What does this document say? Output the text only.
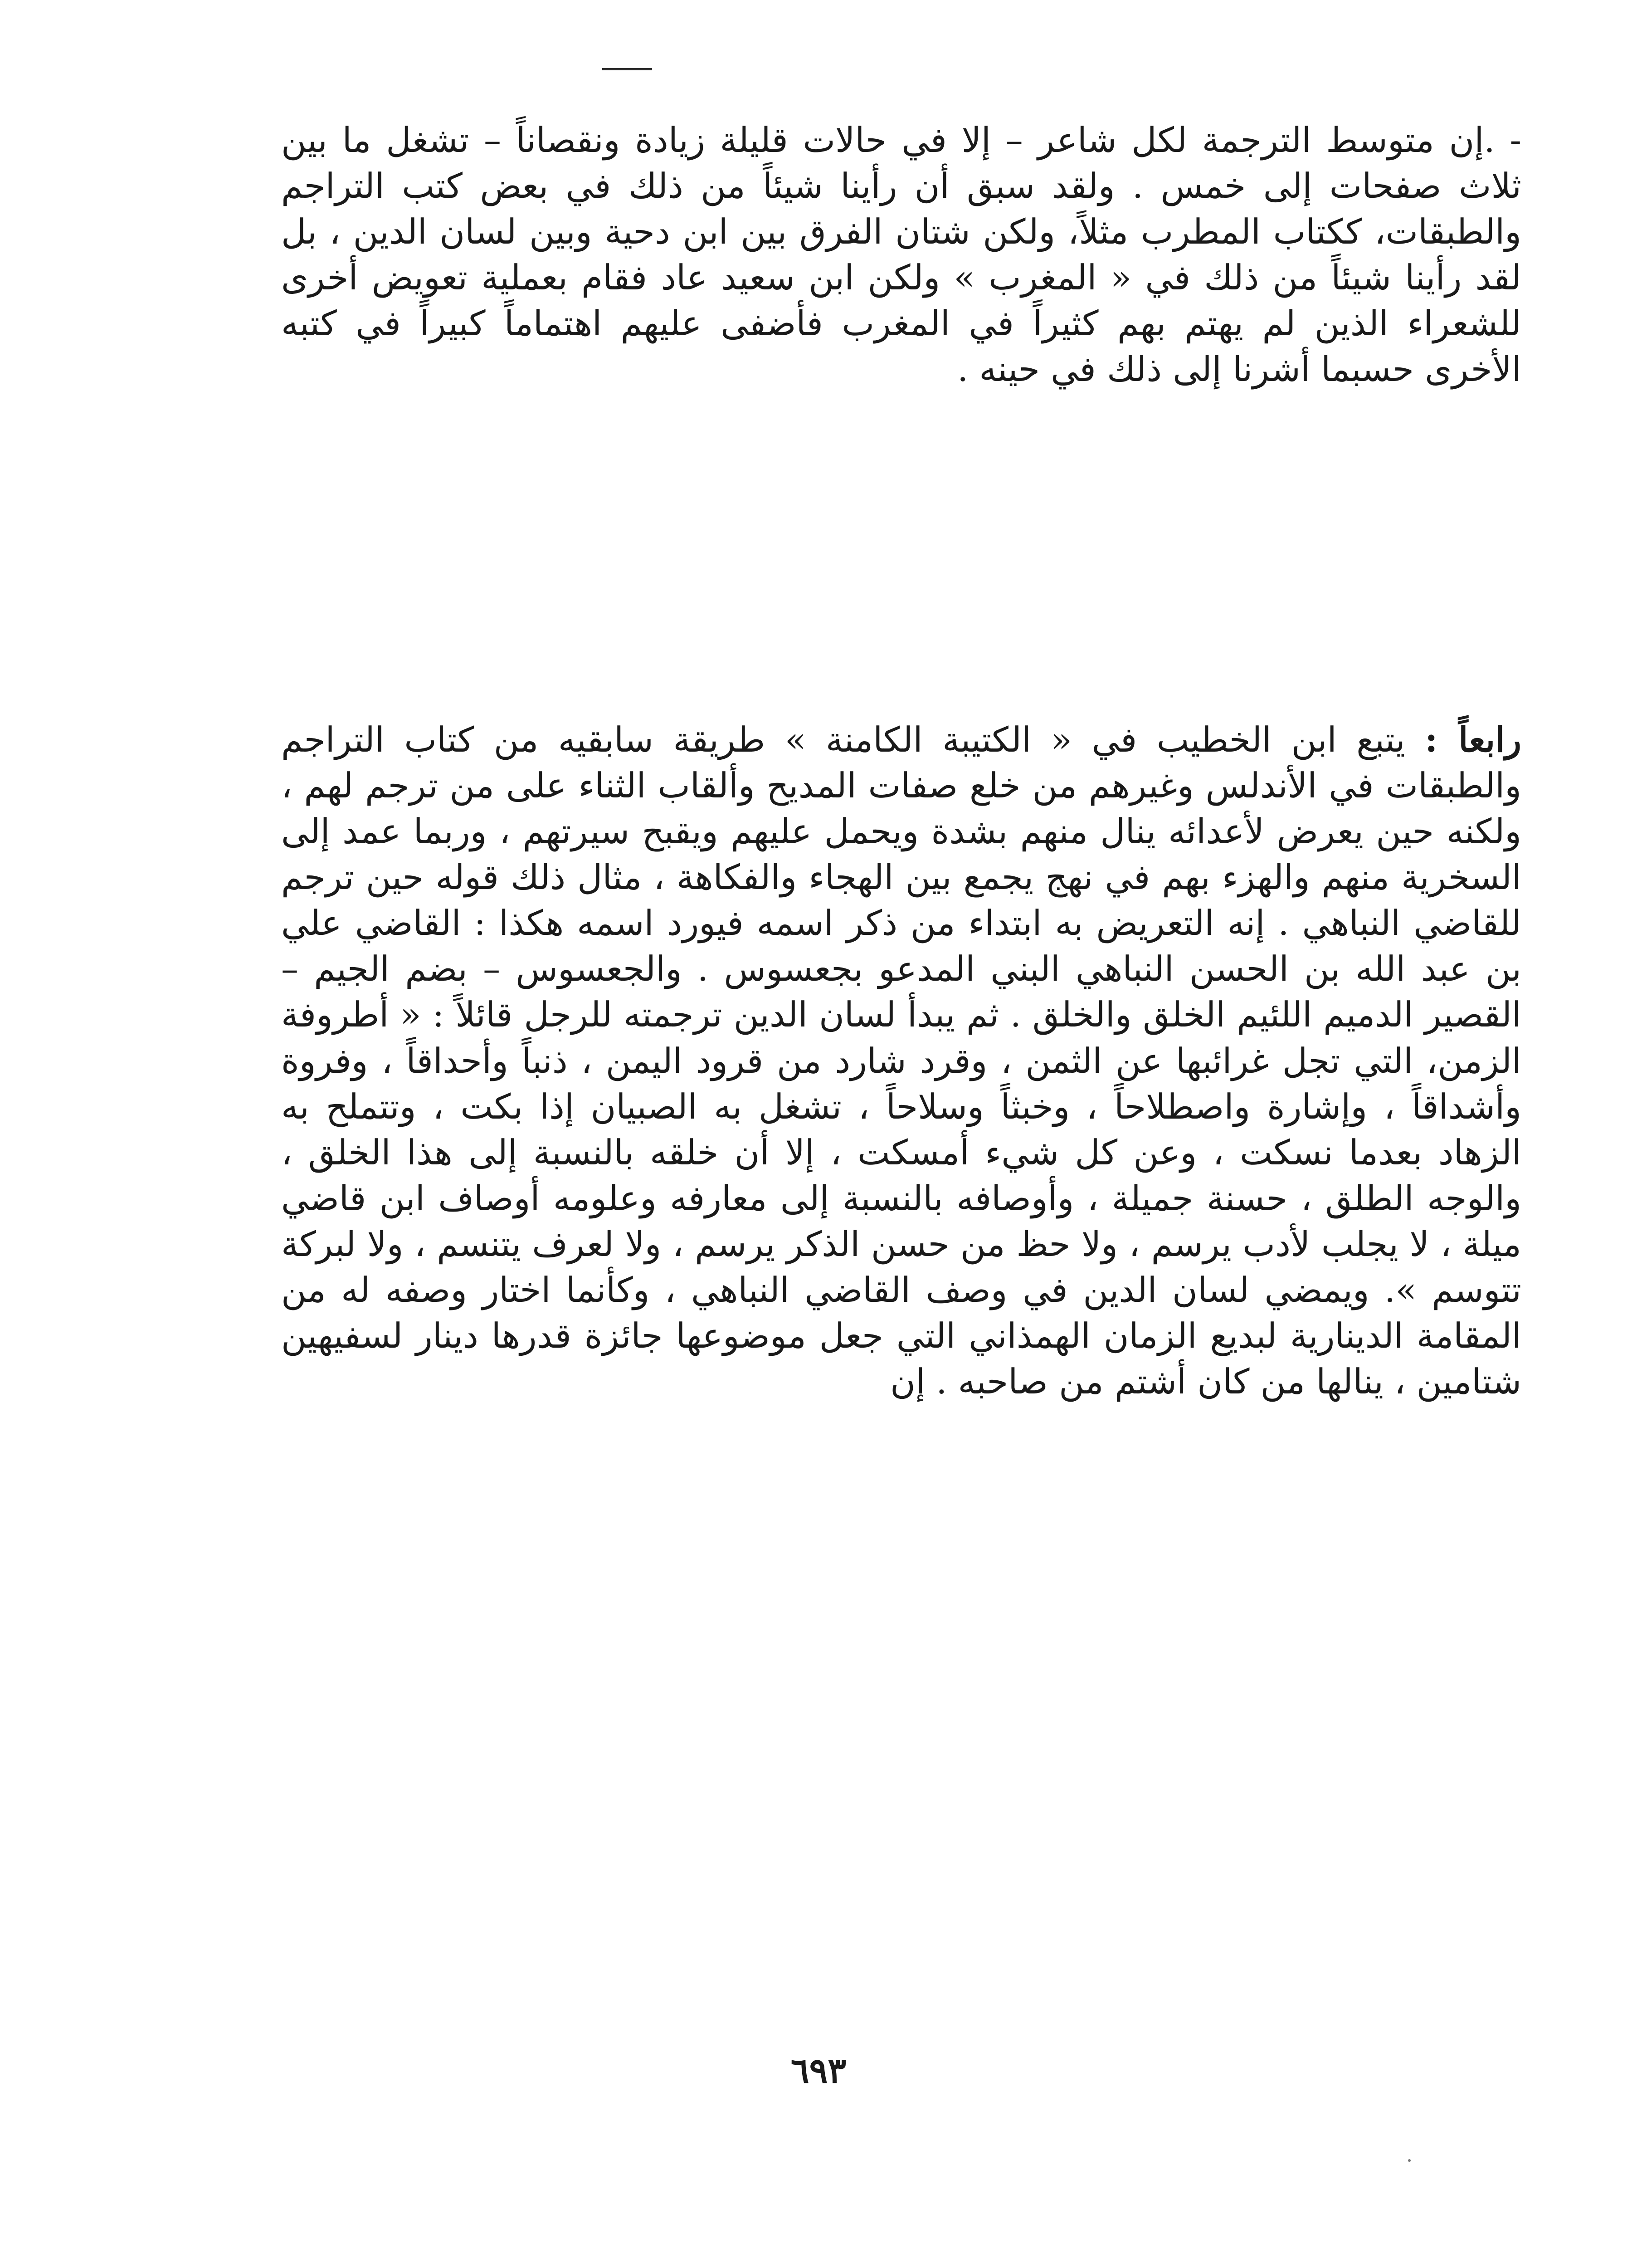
- .إن متوسط الترجمة لكل شاعر – إلا في حالات قليلة زيادة ونقصاناً – تشغل ما بين ثلاث صفحات إلى خمس . ولقد سبق أن رأينا شيئاً من ذلك في بعض كتب التراجم والطبقات، ككتاب المطرب مثلاً، ولكن شتان الفرق بين ابن دحية وبين لسان الدين ، بل لقد رأينا شيئاً من ذلك في « المغرب » ولكن ابن سعيد عاد فقام بعملية تعويض أخرى للشعراء الذين لم يهتم بهم كثيراً في المغرب فأضفى عليهم اهتماماً كبيراً في كتبه الأخرى حسبما أشرنا إلى ذلك في حينه .

رابعاً : يتبع ابن الخطيب في « الكتيبة الكامنة » طريقة سابقيه من كتاب التراجم والطبقات في الأندلس وغيرهم من خلع صفات المديح وألقاب الثناء على من ترجم لهم ، ولكنه حين يعرض لأعدائه ينال منهم بشدة ويحمل عليهم ويقبح سيرتهم ، وربما عمد إلى السخرية منهم والهزء بهم في نهج يجمع بين الهجاء والفكاهة ، مثال ذلك قوله حين ترجم للقاضي النباهي . إنه التعريض به ابتداء من ذكر اسمه فيورد اسمه هكذا : القاضي علي بن عبد الله بن الحسن النباهي البني المدعو بجعسوس . والجعسوس – بضم الجيم – القصير الدميم اللئيم الخلق والخلق . ثم يبدأ لسان الدين ترجمته للرجل قائلاً : « أطروفة الزمن، التي تجل غرائبها عن الثمن ، وقرد شارد من قرود اليمن ، ذنباً وأحداقاً ، وفروة وأشداقاً ، وإشارة واصطلاحاً ، وخبثاً وسلاحاً ، تشغل به الصبيان إذا بكت ، وتتملح به الزهاد بعدما نسكت ، وعن كل شيء أمسكت ، إلا أن خلقه بالنسبة إلى هذا الخلق ، والوجه الطلق ، حسنة جميلة ، وأوصافه بالنسبة إلى معارفه وعلومه أوصاف ابن قاضي ميلة ، لا يجلب لأدب يرسم ، ولا حظ من حسن الذكر يرسم ، ولا لعرف يتنسم ، ولا لبركة تتوسم ». ويمضي لسان الدين في وصف القاضي النباهي ، وكأنما اختار وصفه له من المقامة الدينارية لبديع الزمان الهمذاني التي جعل موضوعها جائزة قدرها دينار لسفيهين شتامين ، ينالها من كان أشتم من صاحبه . إن

٦٩٣
